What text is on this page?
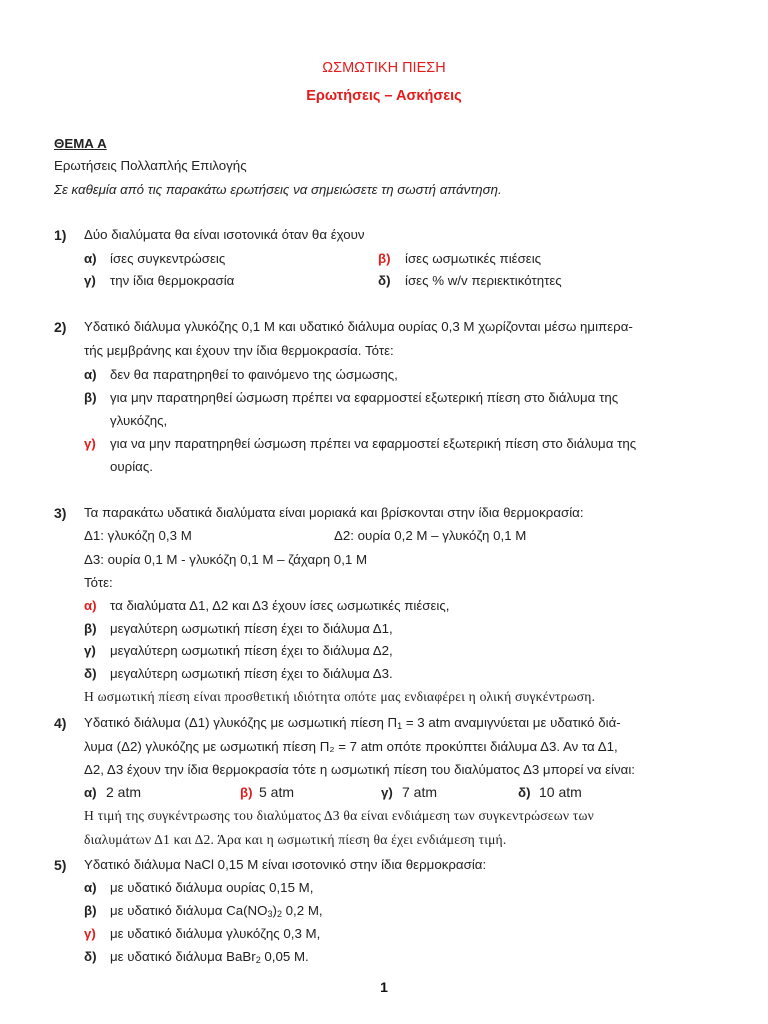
ΩΣΜΩΤΙΚΗ ΠΙΕΣΗ
Ερωτήσεις – Ασκήσεις
ΘΕΜΑ Α
Ερωτήσεις Πολλαπλής Επιλογής
Σε καθεμία από τις παρακάτω ερωτήσεις να σημειώσετε τη σωστή απάντηση.
1) Δύο διαλύματα θα είναι ισοτονικά όταν θα έχουν
α) ίσες συγκεντρώσεις	β) ίσες ωσμωτικές πιέσεις
γ) την ίδια θερμοκρασία	δ) ίσες % w/v περιεκτικότητες
2) Υδατικό διάλυμα γλυκόζης 0,1 Μ και υδατικό διάλυμα ουρίας 0,3 Μ χωρίζονται μέσω ημιπερα-
τής μεμβράνης και έχουν την ίδια θερμοκρασία. Τότε:
α) δεν θα παρατηρηθεί το φαινόμενο της ώσμωσης,
β) για μην παρατηρηθεί ώσμωση πρέπει να εφαρμοστεί εξωτερική πίεση στο διάλυμα της
γλυκόζης,
γ) για να μην παρατηρηθεί ώσμωση πρέπει να εφαρμοστεί εξωτερική πίεση στο διάλυμα της
ουρίας.
3) Τα παρακάτω υδατικά διαλύματα είναι μοριακά και βρίσκονται στην ίδια θερμοκρασία:
Δ1: γλυκόζη 0,3 Μ	Δ2: ουρία 0,2 Μ – γλυκόζη 0,1 Μ
Δ3: ουρία 0,1 Μ - γλυκόζη 0,1 Μ – ζάχαρη 0,1 Μ
Τότε:
α) τα διαλύματα Δ1, Δ2 και Δ3 έχουν ίσες ωσμωτικές πιέσεις,
β) μεγαλύτερη ωσμωτική πίεση έχει το διάλυμα Δ1,
γ) μεγαλύτερη ωσμωτική πίεση έχει το διάλυμα Δ2,
δ) μεγαλύτερη ωσμωτική πίεση έχει το διάλυμα Δ3.
Η ωσμωτική πίεση είναι προσθετική ιδιότητα οπότε μας ενδιαφέρει η ολική συγκέντρωση.
4) Υδατικό διάλυμα (Δ1) γλυκόζης με ωσμωτική πίεση $\Pi_1 = 3$ atm αναμιγνύεται με υδατικό διά-
λυμα (Δ2) γλυκόζης με ωσμωτική πίεση Π₂ = 7 atm οπότε προκύπτει διάλυμα Δ3. Αν τα Δ1,
Δ2, Δ3 έχουν την ίδια θερμοκρασία τότε η ωσμωτική πίεση του διαλύματος Δ3 μπορεί να είναι:
α) 2 atm	β) 5 atm	γ) 7 atm	δ) 10 atm
Η τιμή της συγκέντρωσης του διαλύματος Δ3 θα είναι ενδιάμεση των συγκεντρώσεων των
διαλυμάτων Δ1 και Δ2. Άρα και η ωσμωτική πίεση θα έχει ενδιάμεση τιμή.
5) Υδατικό διάλυμα NaCl 0,15 Μ είναι ισοτονικό στην ίδια θερμοκρασία:
α) με υδατικό διάλυμα ουρίας 0,15 Μ,
β) με υδατικό διάλυμα $Ca(NO_3)_2$ 0,2 Μ,
γ) με υδατικό διάλυμα γλυκόζης 0,3 Μ,
δ) με υδατικό διάλυμα BaBr$_2$ 0,05 Μ.
1
